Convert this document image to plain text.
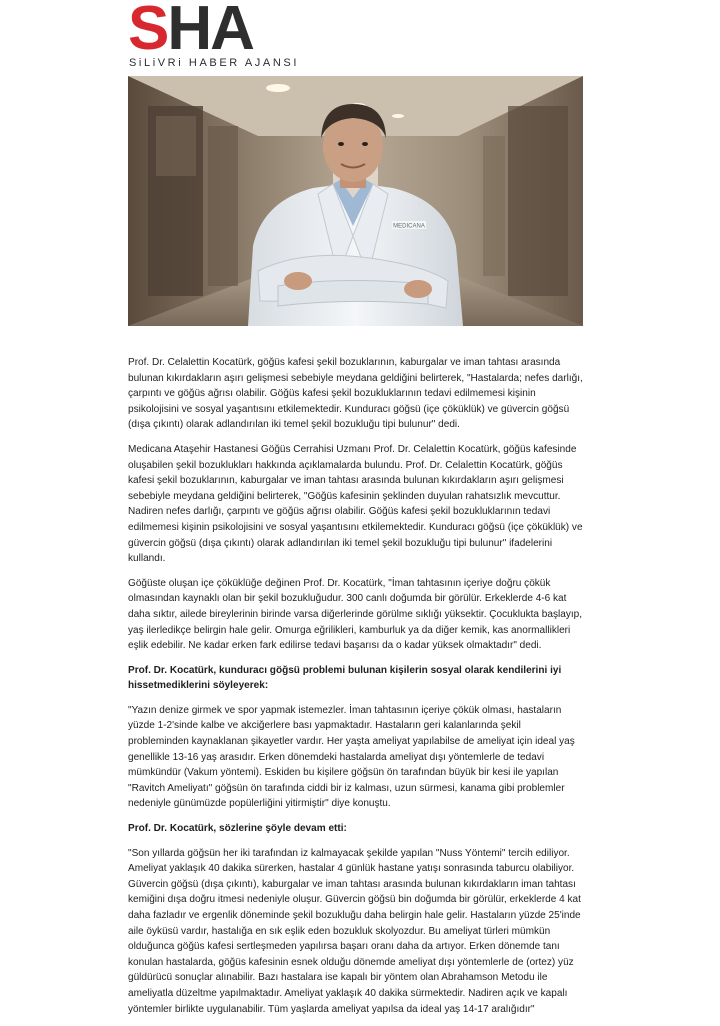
S H A
SiLiVRi HABER AJANSI
MEDICANA

Prof. Dr. Celalettin Kocatürk, göğüs kafesi şekil bozuklarının, kaburgalar ve iman tahtası arasında bulunan kıkırdakların aşırı gelişmesi sebebiyle meydana geldiğini belirterek, "Hastalarda; nefes darlığı, çarpıntı ve göğüs ağrısı olabilir. Göğüs kafesi şekil bozukluklarının tedavi edilmemesi kişinin psikolojisini ve sosyal yaşantısını etkilemektedir. Kunduracı göğsü (içe çöküklük) ve güvercin göğsü (dışa çıkıntı) olarak adlandırılan iki temel şekil bozukluğu tipi bulunur" dedi.

Medicana Ataşehir Hastanesi Göğüs Cerrahisi Uzmanı Prof. Dr. Celalettin Kocatürk, göğüs kafesinde oluşabilen şekil bozuklukları hakkında açıklamalarda bulundu. Prof. Dr. Celalettin Kocatürk, göğüs kafesi şekil bozuklarının, kaburgalar ve iman tahtası arasında bulunan kıkırdakların aşırı gelişmesi sebebiyle meydana geldiğini belirterek, "Göğüs kafesinin şeklinden duyulan rahatsızlık mevcuttur. Nadiren nefes darlığı, çarpıntı ve göğüs ağrısı olabilir. Göğüs kafesi şekil bozukluklarının tedavi edilmemesi kişinin psikolojisini ve sosyal yaşantısını etkilemektedir. Kunduracı göğsü (içe çöküklük) ve güvercin göğsü (dışa çıkıntı) olarak adlandırılan iki temel şekil bozukluğu tipi bulunur" ifadelerini kullandı.

Göğüste oluşan içe çöküklüğe değinen Prof. Dr. Kocatürk, "İman tahtasının içeriye doğru çökük olmasından kaynaklı olan bir şekil bozukluğudur. 300 canlı doğumda bir görülür. Erkeklerde 4-6 kat daha sıktır, ailede bireylerinin birinde varsa diğerlerinde görülme sıklığı yüksektir. Çocuklukta başlayıp, yaş ilerledikçe belirgin hale gelir. Omurga eğrilikleri, kamburluk ya da diğer kemik, kas anormallikleri eşlik edebilir. Ne kadar erken fark edilirse tedavi başarısı da o kadar yüksek olmaktadır" dedi.

Prof. Dr. Kocatürk, kunduracı göğsü problemi bulunan kişilerin sosyal olarak kendilerini iyi hissetmediklerini söyleyerek:

"Yazın denize girmek ve spor yapmak istemezler. İman tahtasının içeriye çökük olması, hastaların yüzde 1-2'sinde kalbe ve akciğerlere bası yapmaktadır. Hastaların geri kalanlarında şekil probleminden kaynaklanan şikayetler vardır. Her yaşta ameliyat yapılabilse de ameliyat için ideal yaş genellikle 13-16 yaş arasıdır. Erken dönemdeki hastalarda ameliyat dışı yöntemlerle de tedavi mümkündür (Vakum yöntemi). Eskiden bu kişilere göğsün ön tarafından büyük bir kesi ile yapılan "Ravitch Ameliyatı" göğsün ön tarafında ciddi bir iz kalması, uzun sürmesi, kanama gibi problemler nedeniyle günümüzde popülerliğini yitirmiştir" diye konuştu.

Prof. Dr. Kocatürk, sözlerine şöyle devam etti:

"Son yıllarda göğsün her iki tarafından iz kalmayacak şekilde yapılan "Nuss Yöntemi" tercih ediliyor. Ameliyat yaklaşık 40 dakika sürerken, hastalar 4 günlük hastane yatışı sonrasında taburcu olabiliyor. Güvercin göğsü (dışa çıkıntı), kaburgalar ve iman tahtası arasında bulunan kıkırdakların iman tahtası kemiğini dışa doğru itmesi nedeniyle oluşur. Güvercin göğsü bin doğumda bir görülür, erkeklerde 4 kat daha fazladır ve ergenlik döneminde şekil bozukluğu daha belirgin hale gelir. Hastaların yüzde 25'inde aile öyküsü vardır, hastalığa en sık eşlik eden bozukluk skolyozdur. Bu ameliyat türleri mümkün olduğunca göğüs kafesi sertleşmeden yapılırsa başarı oranı daha da artıyor. Erken dönemde tanı konulan hastalarda, göğüs kafesinin esnek olduğu dönemde ameliyat dışı yöntemlerle de (ortez) yüz güldürücü sonuçlar alınabilir. Bazı hastalara ise kapalı bir yöntem olan Abrahamson Metodu ile ameliyatla düzeltme yapılmaktadır. Ameliyat yaklaşık 40 dakika sürmektedir. Nadiren açık ve kapalı yöntemler birlikte uygulanabilir. Tüm yaşlarda ameliyat yapılsa da ideal yaş 14-17 aralığıdır"
